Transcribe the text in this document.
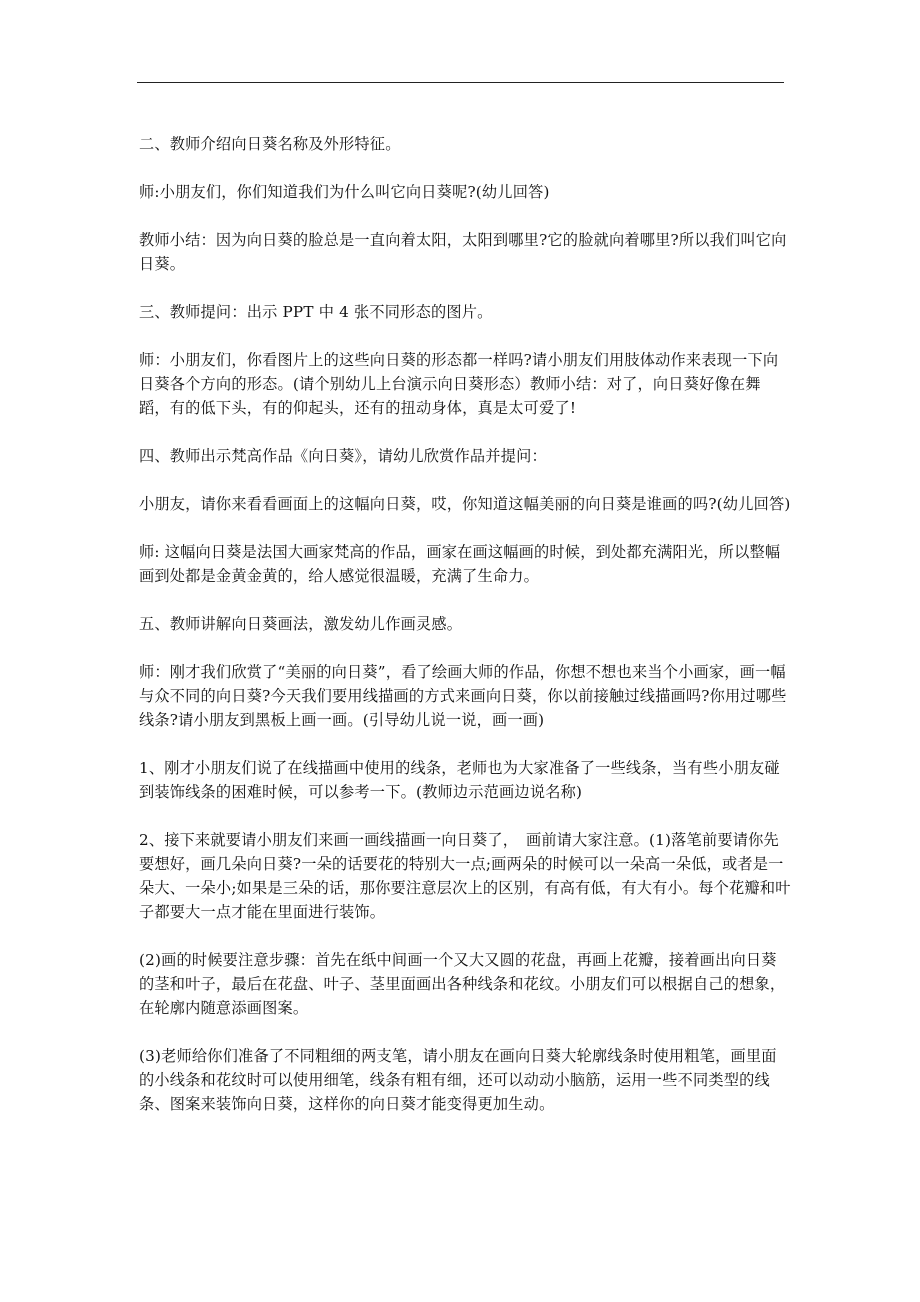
二、教师介绍向日葵名称及外形特征。

师:小朋友们，你们知道我们为什么叫它向日葵呢?(幼儿回答)

教师小结：因为向日葵的脸总是一直向着太阳，太阳到哪里?它的脸就向着哪里?所以我们叫它向日葵。

三、教师提问：出示 PPT 中 4 张不同形态的图片。

师：小朋友们，你看图片上的这些向日葵的形态都一样吗?请小朋友们用肢体动作来表现一下向日葵各个方向的形态。(请个别幼儿上台演示向日葵形态）教师小结：对了，向日葵好像在舞蹈，有的低下头，有的仰起头，还有的扭动身体，真是太可爱了!

四、教师出示梵高作品《向日葵》，请幼儿欣赏作品并提问：

小朋友，请你来看看画面上的这幅向日葵，哎，你知道这幅美丽的向日葵是谁画的吗?(幼儿回答)

师: 这幅向日葵是法国大画家梵高的作品，画家在画这幅画的时候，到处都充满阳光，所以整幅画到处都是金黄金黄的，给人感觉很温暖，充满了生命力。

五、教师讲解向日葵画法，激发幼儿作画灵感。

师：刚才我们欣赏了“美丽的向日葵”，看了绘画大师的作品，你想不想也来当个小画家，画一幅与众不同的向日葵?今天我们要用线描画的方式来画向日葵，你以前接触过线描画吗?你用过哪些线条?请小朋友到黑板上画一画。(引导幼儿说一说，画一画)

1、刚才小朋友们说了在线描画中使用的线条，老师也为大家准备了一些线条，当有些小朋友碰到装饰线条的困难时候，可以参考一下。(教师边示范画边说名称)

2、接下来就要请小朋友们来画一画线描画一向日葵了，　画前请大家注意。(1)落笔前要请你先要想好，画几朵向日葵?一朵的话要花的特别大一点;画两朵的时候可以一朵高一朵低，或者是一朵大、一朵小;如果是三朵的话，那你要注意层次上的区别，有高有低，有大有小。每个花瓣和叶子都要大一点才能在里面进行装饰。

(2)画的时候要注意步骤：首先在纸中间画一个又大又圆的花盘，再画上花瓣，接着画出向日葵的茎和叶子，最后在花盘、叶子、茎里面画出各种线条和花纹。小朋友们可以根据自己的想象，在轮廓内随意添画图案。

(3)老师给你们准备了不同粗细的两支笔，请小朋友在画向日葵大轮廓线条时使用粗笔，画里面的小线条和花纹时可以使用细笔，线条有粗有细，还可以动动小脑筋，运用一些不同类型的线条、图案来装饰向日葵，这样你的向日葵才能变得更加生动。
